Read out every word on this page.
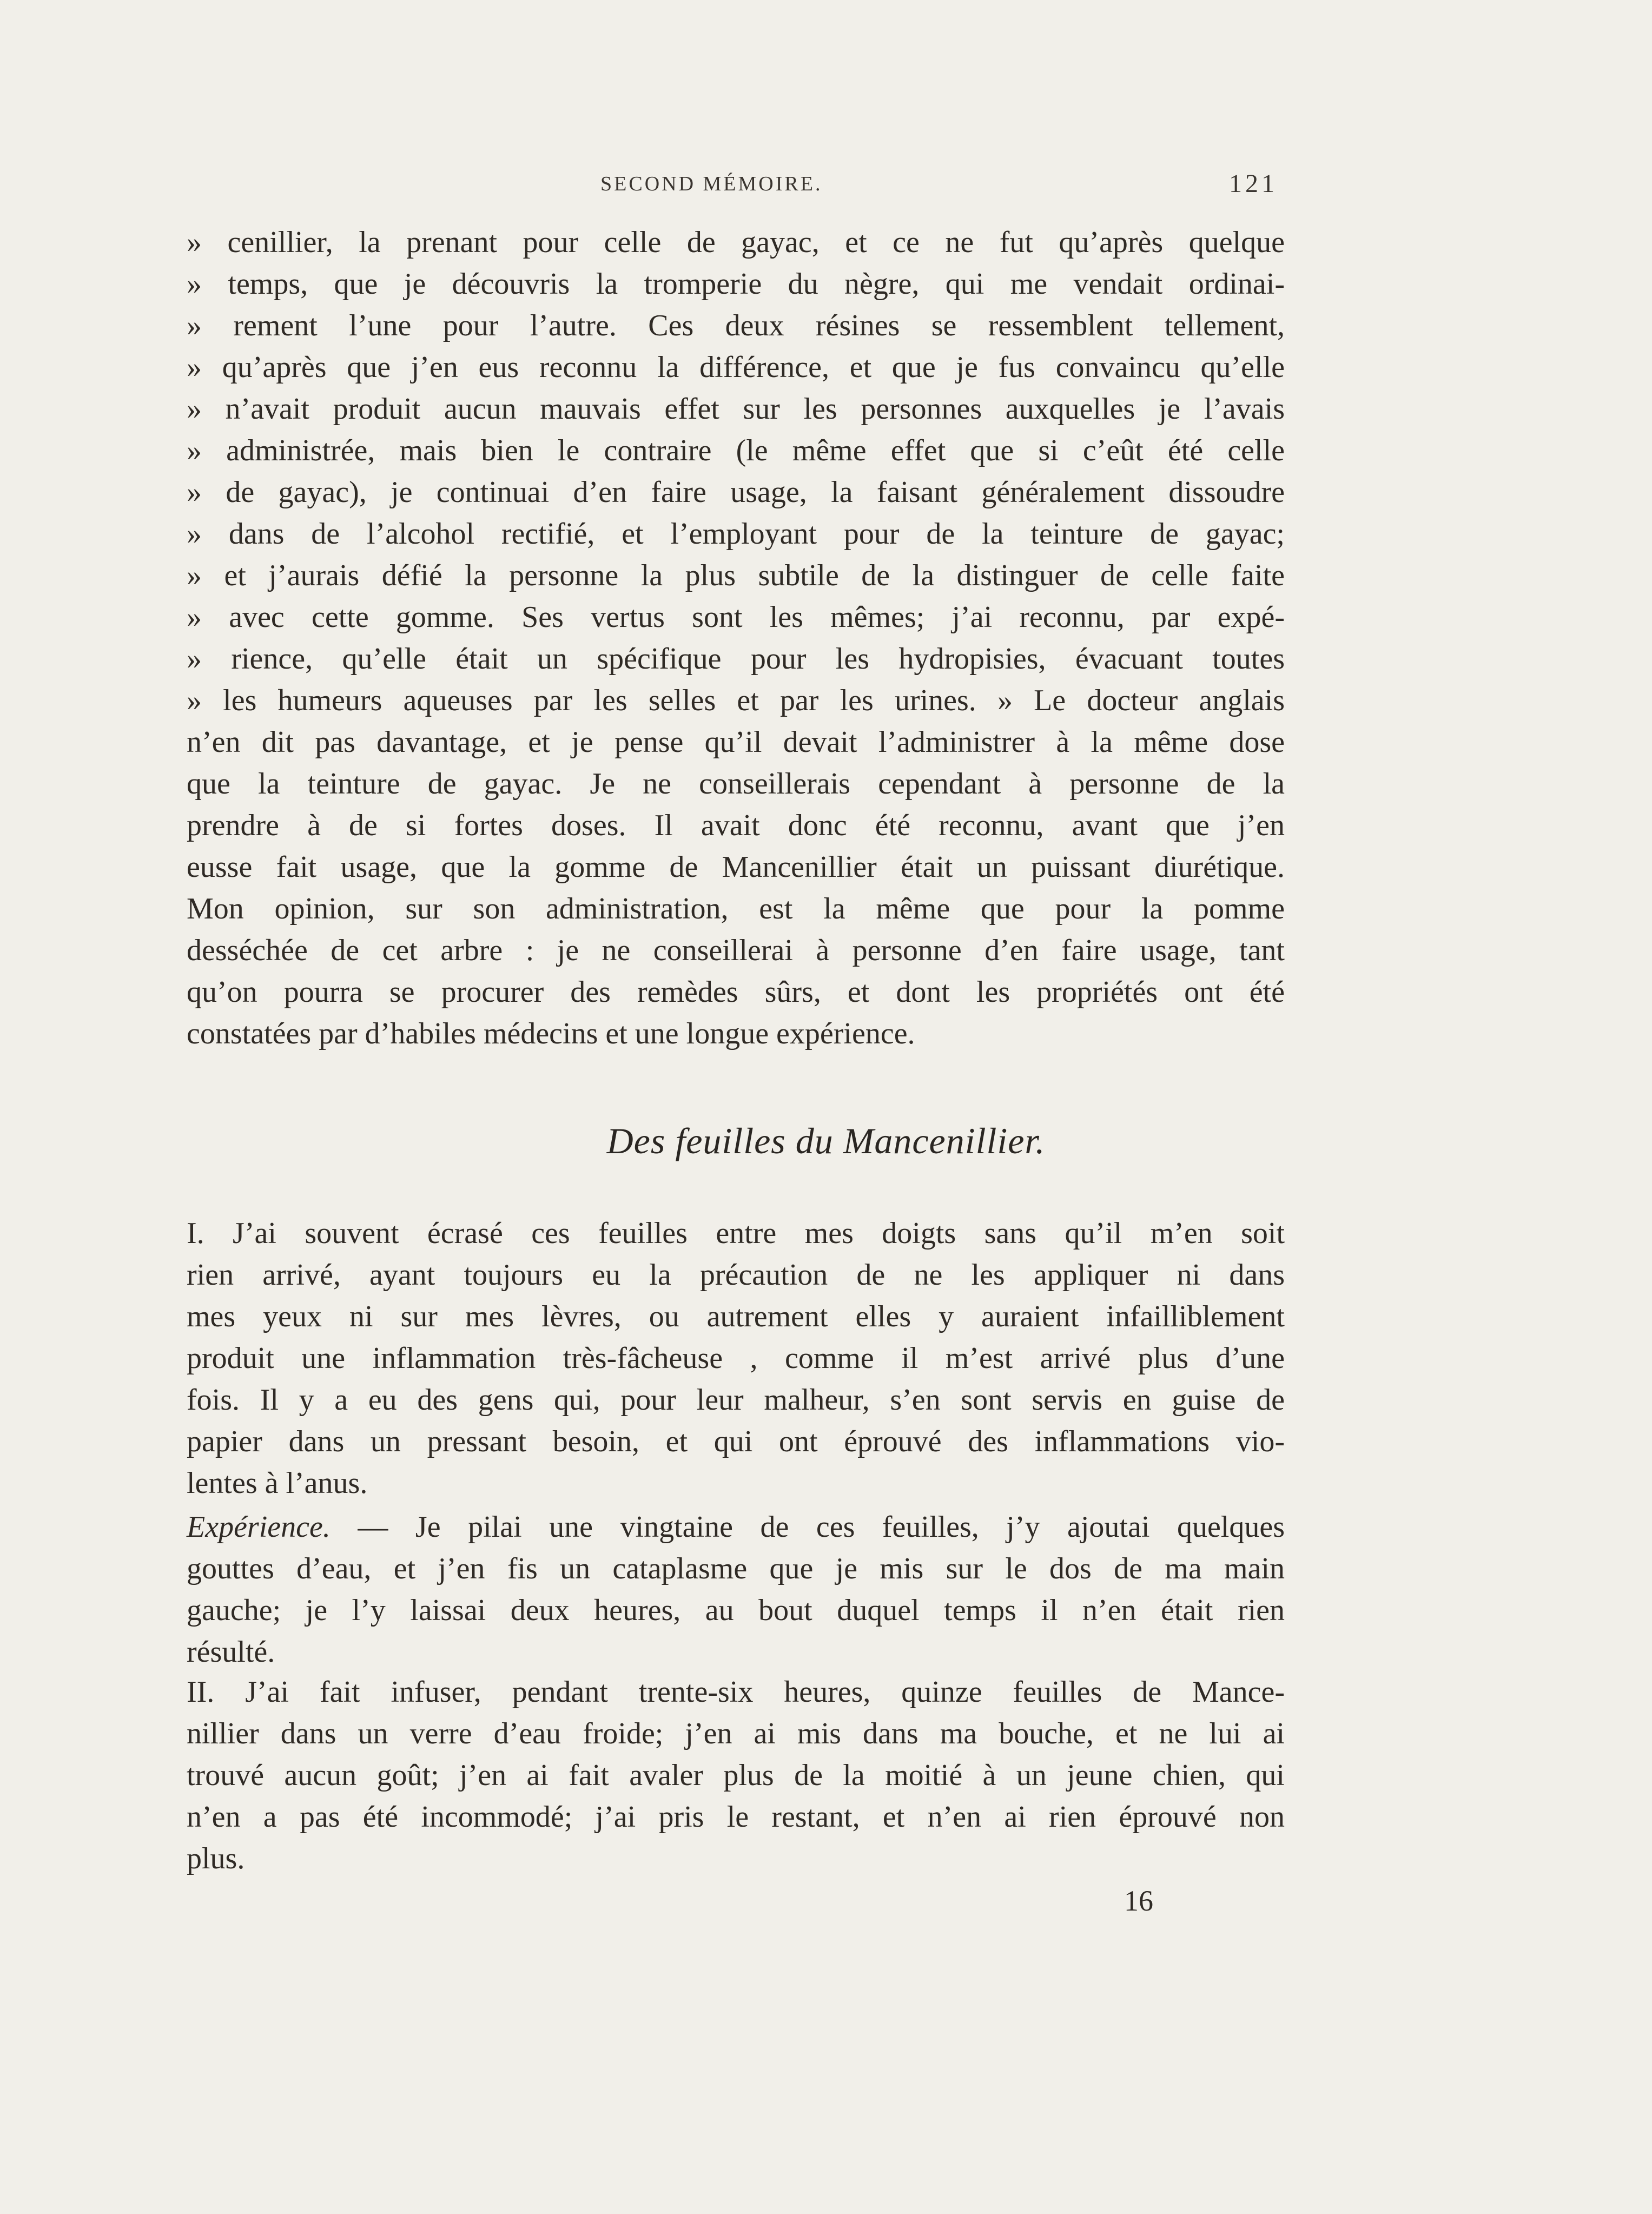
SECOND MÉMOIRE.	121
» cenillier, la prenant pour celle de gayac, et ce ne fut qu’après quelque
» temps, que je découvris la tromperie du nègre, qui me vendait ordinai-
» rement l’une pour l’autre. Ces deux résines se ressemblent tellement,
» qu’après que j’en eus reconnu la différence, et que je fus convaincu qu’elle
» n’avait produit aucun mauvais effet sur les personnes auxquelles je l’avais
» administrée, mais bien le contraire (le même effet que si c’eût été celle
» de gayac), je continuai d’en faire usage, la faisant généralement dissoudre
» dans de l’alcohol rectifié, et l’employant pour de la teinture de gayac;
» et j’aurais défié la personne la plus subtile de la distinguer de celle faite
» avec cette gomme. Ses vertus sont les mêmes; j’ai reconnu, par expé-
» rience, qu’elle était un spécifique pour les hydropisies, évacuant toutes
» les humeurs aqueuses par les selles et par les urines. » Le docteur anglais
n’en dit pas davantage, et je pense qu’il devait l’administrer à la même dose
que la teinture de gayac. Je ne conseillerais cependant à personne de la
prendre à de si fortes doses. Il avait donc été reconnu, avant que j’en
eusse fait usage, que la gomme de Mancenillier était un puissant diurétique.
Mon opinion, sur son administration, est la même que pour la pomme
desséchée de cet arbre : je ne conseillerai à personne d’en faire usage, tant
qu’on pourra se procurer des remèdes sûrs, et dont les propriétés ont été
constatées par d’habiles médecins et une longue expérience.
Des feuilles du Mancenillier.
I. J’ai souvent écrasé ces feuilles entre mes doigts sans qu’il m’en soit
rien arrivé, ayant toujours eu la précaution de ne les appliquer ni dans
mes yeux ni sur mes lèvres, ou autrement elles y auraient infailliblement
produit une inflammation très-fâcheuse , comme il m’est arrivé plus d’une
fois. Il y a eu des gens qui, pour leur malheur, s’en sont servis en guise de
papier dans un pressant besoin, et qui ont éprouvé des inflammations vio-
lentes à l’anus.
Expérience. — Je pilai une vingtaine de ces feuilles, j’y ajoutai quelques
gouttes d’eau, et j’en fis un cataplasme que je mis sur le dos de ma main
gauche; je l’y laissai deux heures, au bout duquel temps il n’en était rien
résulté.
II. J’ai fait infuser, pendant trente-six heures, quinze feuilles de Mance-
nillier dans un verre d’eau froide; j’en ai mis dans ma bouche, et ne lui ai
trouvé aucun goût; j’en ai fait avaler plus de la moitié à un jeune chien, qui
n’en a pas été incommodé; j’ai pris le restant, et n’en ai rien éprouvé non
plus.
16
